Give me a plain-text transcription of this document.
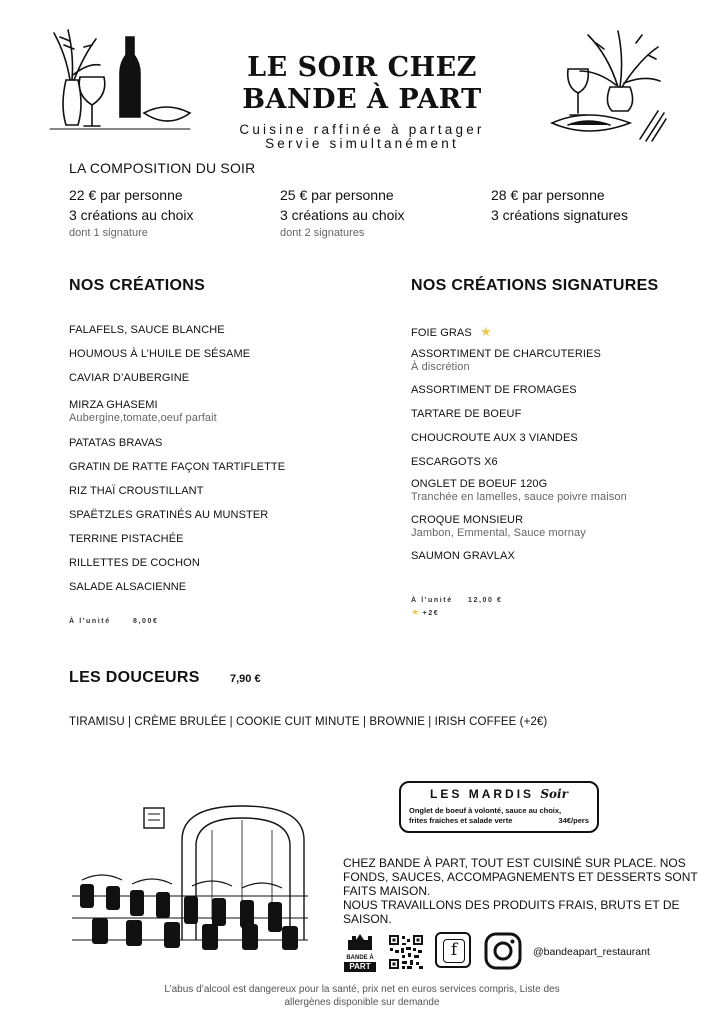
LE SOIR CHEZ
BANDE À PART
Cuisine raffinée à partager
Servie simultanément
LA COMPOSITION DU SOIR
22 € par personne
3 créations au choix
dont 1 signature
25 € par personne
3 créations au choix
dont 2 signatures
28 € par personne
3 créations signatures
NOS CRÉATIONS
FALAFELS, SAUCE BLANCHE
HOUMOUS À L’HUILE DE SÉSAME
CAVIAR D’AUBERGINE
MIRZA GHASEMI
Aubergine,tomate,oeuf parfait
PATATAS BRAVAS
GRATIN DE RATTE FAÇON TARTIFLETTE
RIZ THAÏ CROUSTILLANT
SPAËTZLES GRATINÉS AU MUNSTER
TERRINE PISTACHÉE
RILLETTES DE COCHON
SALADE ALSACIENNE
À l'unité	8,00€
NOS CRÉATIONS SIGNATURES
FOIE GRAS ★
ASSORTIMENT DE CHARCUTERIES
À discrétion
ASSORTIMENT DE FROMAGES
TARTARE DE BOEUF
CHOUCROUTE AUX 3 VIANDES
ESCARGOTS X6
ONGLET DE BOEUF 120G
Tranchée en lamelles, sauce poivre maison
CROQUE MONSIEUR
Jambon, Emmental, Sauce mornay
SAUMON GRAVLAX
À l'unité 12,00 €
★ +2€
LES DOUCEURS	7,90 €
TIRAMISU | CRÈME BRULÉE | COOKIE CUIT MINUTE | BROWNIE | IRISH COFFEE (+2€)
LES MARDIS Soir
Onglet de boeuf à volonté, sauce au choix,
frites fraiches et salade verte	34€/pers
CHEZ BANDE À PART, TOUT EST CUISINÉ SUR PLACE. NOS FONDS, SAUCES, ACCOMPAGNEMENTS ET DESSERTS SONT FAITS MAISON.
NOUS TRAVAILLONS DES PRODUITS FRAIS, BRUTS ET DE SAISON.
BANDE À
PART
f	@bandeapart_restaurant
L’abus d’alcool est dangereux pour la santé, prix net en euros services compris, Liste des
allergènes disponible sur demande
